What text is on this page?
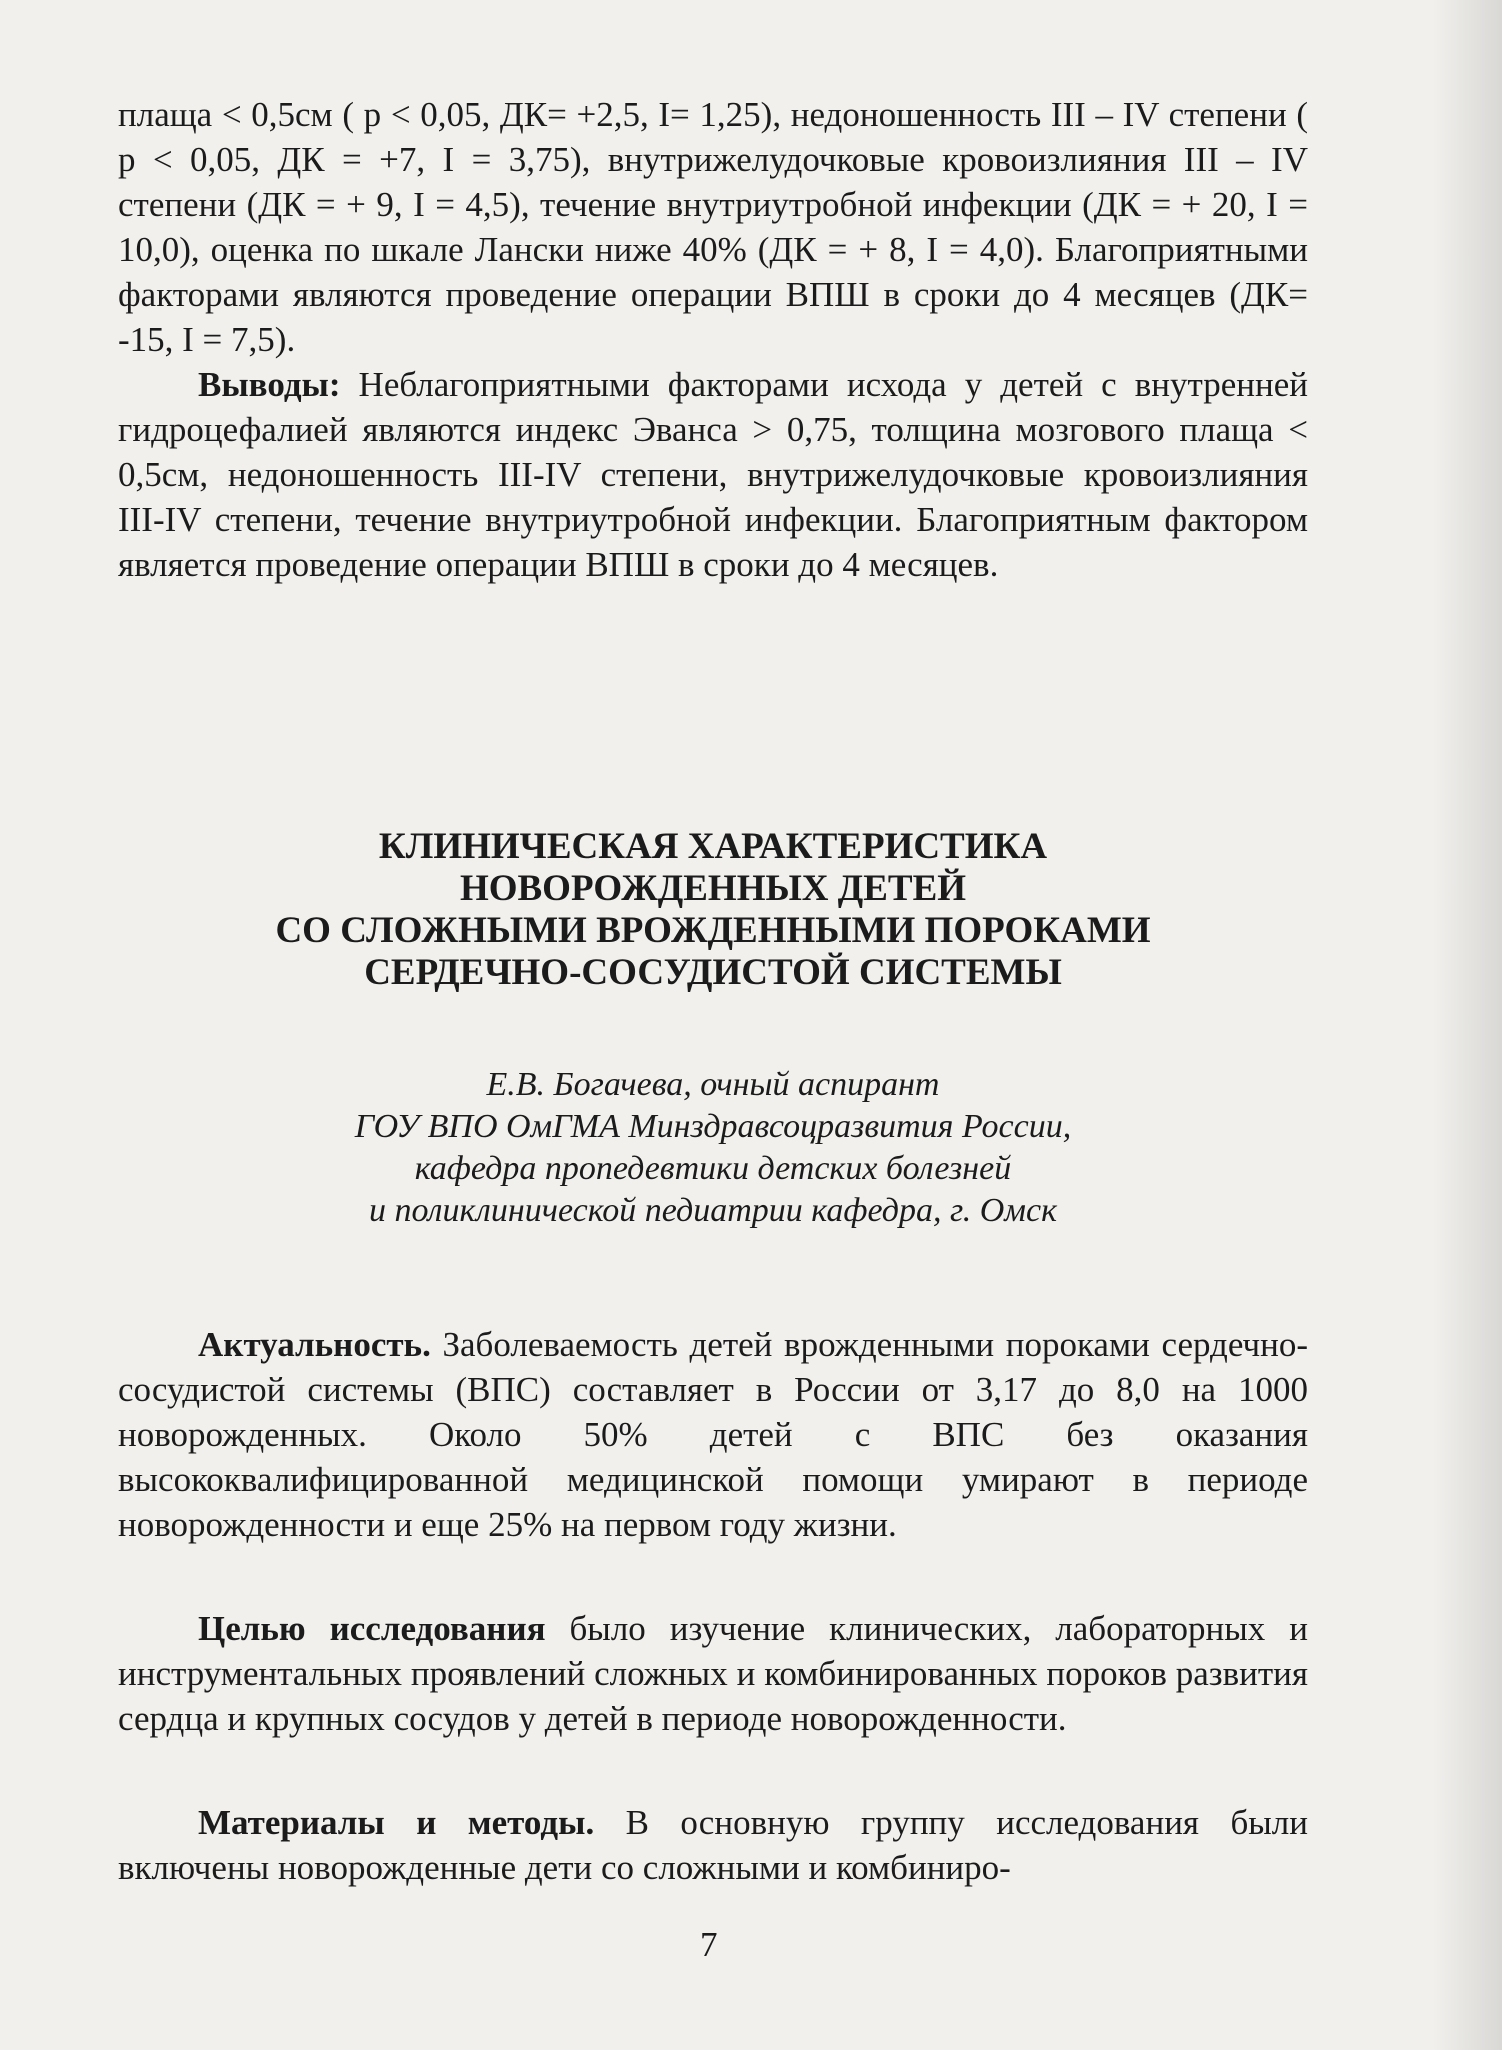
плаща < 0,5см ( р < 0,05, ДК= +2,5, I= 1,25), недоношенность III – IV степени ( р < 0,05, ДК = +7, I = 3,75), внутрижелудочковые кровоизлияния III – IV степени (ДК = + 9, I = 4,5), течение внутриутробной инфекции (ДК = + 20, I = 10,0), оценка по шкале Лански ниже 40% (ДК = + 8, I = 4,0). Благоприятными факторами являются проведение операции ВПШ в сроки до 4 месяцев (ДК= -15, I = 7,5).

Выводы: Неблагоприятными факторами исхода у детей с внутренней гидроцефалией являются индекс Эванса > 0,75, толщина мозгового плаща < 0,5см, недоношенность III-IV степени, внутрижелудочковые кровоизлияния III-IV степени, течение внутриутробной инфекции. Благоприятным фактором является проведение операции ВПШ в сроки до 4 месяцев.

КЛИНИЧЕСКАЯ ХАРАКТЕРИСТИКА
НОВОРОЖДЕННЫХ ДЕТЕЙ
СО СЛОЖНЫМИ ВРОЖДЕННЫМИ ПОРОКАМИ
СЕРДЕЧНО-СОСУДИСТОЙ СИСТЕМЫ
Е.В. Богачева, очный аспирант
ГОУ ВПО ОмГМА Минздравсоцразвития России,
кафедра пропедевтики детских болезней
и поликлинической педиатрии кафедра, г. Омск

Актуальность. Заболеваемость детей врожденными пороками сердечно-сосудистой системы (ВПС) составляет в России от 3,17 до 8,0 на 1000 новорожденных. Около 50% детей с ВПС без оказания высококвалифицированной медицинской помощи умирают в периоде новорожденности и еще 25% на первом году жизни.

Целью исследования было изучение клинических, лабораторных и инструментальных проявлений сложных и комбинированных пороков развития сердца и крупных сосудов у детей в периоде новорожденности.

Материалы и методы. В основную группу исследования были включены новорожденные дети со сложными и комбиниро-

7
